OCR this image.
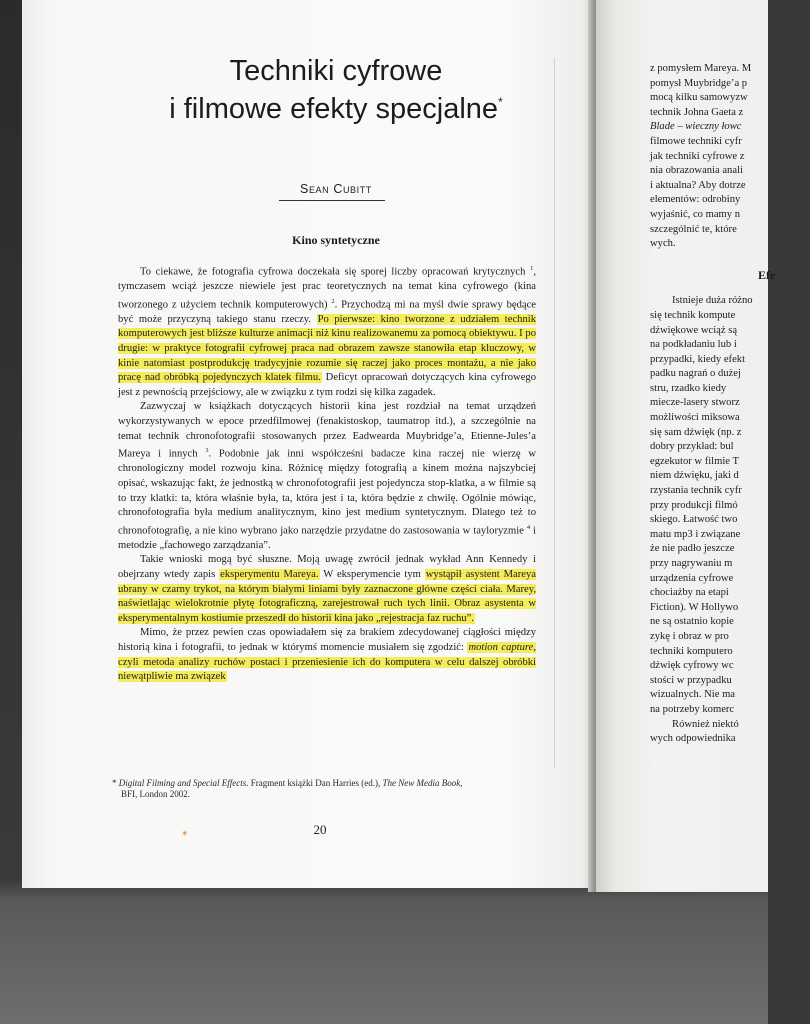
Techniki cyfrowe
i filmowe efekty specjalne*
Sean Cubitt
Kino syntetyczne

To ciekawe, że fotografia cyfrowa doczekała się sporej liczby opracowań krytycznych $^1$, tymczasem wciąż jeszcze niewiele jest prac teoretycznych na temat kina cyfrowego (kina tworzonego z użyciem technik komputerowych) $^2$. Przychodzą mi na myśl dwie sprawy będące być może przyczyną takiego stanu rzeczy. Po pierwsze: kino tworzone z udziałem technik komputerowych jest bliższe kulturze animacji niż kinu realizowanemu za pomocą obiektywu. I po drugie: w praktyce fotografii cyfrowej praca nad obrazem zawsze stanowiła etap kluczowy, w kinie natomiast postprodukcję tradycyjnie rozumie się raczej jako proces montażu, a nie jako pracę nad obróbką pojedynczych klatek filmu. Deficyt opracowań dotyczących kina cyfrowego jest z pewnością przejściowy, ale w związku z tym rodzi się kilka zagadek.

Zazwyczaj w książkach dotyczących historii kina jest rozdział na temat urządzeń wykorzystywanych w epoce przedfilmowej (fenakistoskop, taumatrop itd.), a szczególnie na temat technik chronofotografii stosowanych przez Eadwearda Muybridge’a, Etienne-Jules’a Mareya i innych $^3$. Podobnie jak inni współcześni badacze kina raczej nie wierzę w chronologiczny model rozwoju kina. Różnicę między fotografią a kinem można najszybciej opisać, wskazując fakt, że jednostką w chronofotografii jest pojedyncza stop-klatka, a w filmie są to trzy klatki: ta, która właśnie była, ta, która jest i ta, która będzie z chwilę. Ogólnie mówiąc, chronofotografia była medium analitycznym, kino jest medium syntetycznym. Dlatego też to chronofotografię, a nie kino wybrano jako narzędzie przydatne do zastosowania w tayloryzmie $^4$ i metodzie „fachowego zarządzania”.

Takie wnioski mogą być słuszne. Moją uwagę zwrócił jednak wykład Ann Kennedy i obejrzany wtedy zapis eksperymentu Mareya. W eksperymencie tym wystąpił asystent Mareya ubrany w czarny trykot, na którym białymi liniami były zaznaczone główne części ciała. Marey, naświetlając wielokrotnie płytę fotograficzną, zarejestrował ruch tych linii. Obraz asystenta w eksperymentalnym kostiumie przeszedł do historii kina jako „rejestracja faz ruchu”.

Mimo, że przez pewien czas opowiadałem się za brakiem zdecydowanej ciągłości między historią kina i fotografii, to jednak w którymś momencie musiałem się zgodzić: motion capture, czyli metoda analizy ruchów postaci i przeniesienie ich do komputera w celu dalszej obróbki niewątpliwie ma związek

* Digital Filming and Special Effects. Fragment książki Dan Harries (ed.), The New Media Book,
BFI, London 2002.
⁎	20
z pomysłem Mareya. M
pomysł Muybridge’a p
mocą kilku samowyzw
technik Johna Gaeta z
Blade – wieczny łowc
filmowe techniki cyfr
jak techniki cyfrowe z
nia obrazowania anali
i aktualna? Aby dotrze
elementów: odrobiny
wyjaśnić, co mamy n
szczególnić te, które
wych.
Efe
Istnieje duża różno
się technik kompute
dźwiękowe wciąż są
na podkładaniu lub i
przypadki, kiedy efekt
padku nagrań o dużej
stru, rzadko kiedy
miecze-lasery stworz
możliwości miksowa
się sam dźwięk (np. z
dobry przykład: bul
egzekutor w filmie T
niem dźwięku, jaki d
rzystania technik cyfr
przy produkcji filmó
skiego. Łatwość two
matu mp3 i związane
że nie padło jeszcze
przy nagrywaniu m
urządzenia cyfrowe
chociażby na etapi
Fiction). W Hollywo
ne są ostatnio kopie
zykę i obraz w pro
techniki komputero
dźwięk cyfrowy wc
stości w przypadku
wizualnych. Nie ma
na potrzeby komerc
Również niektó
wych odpowiednika
